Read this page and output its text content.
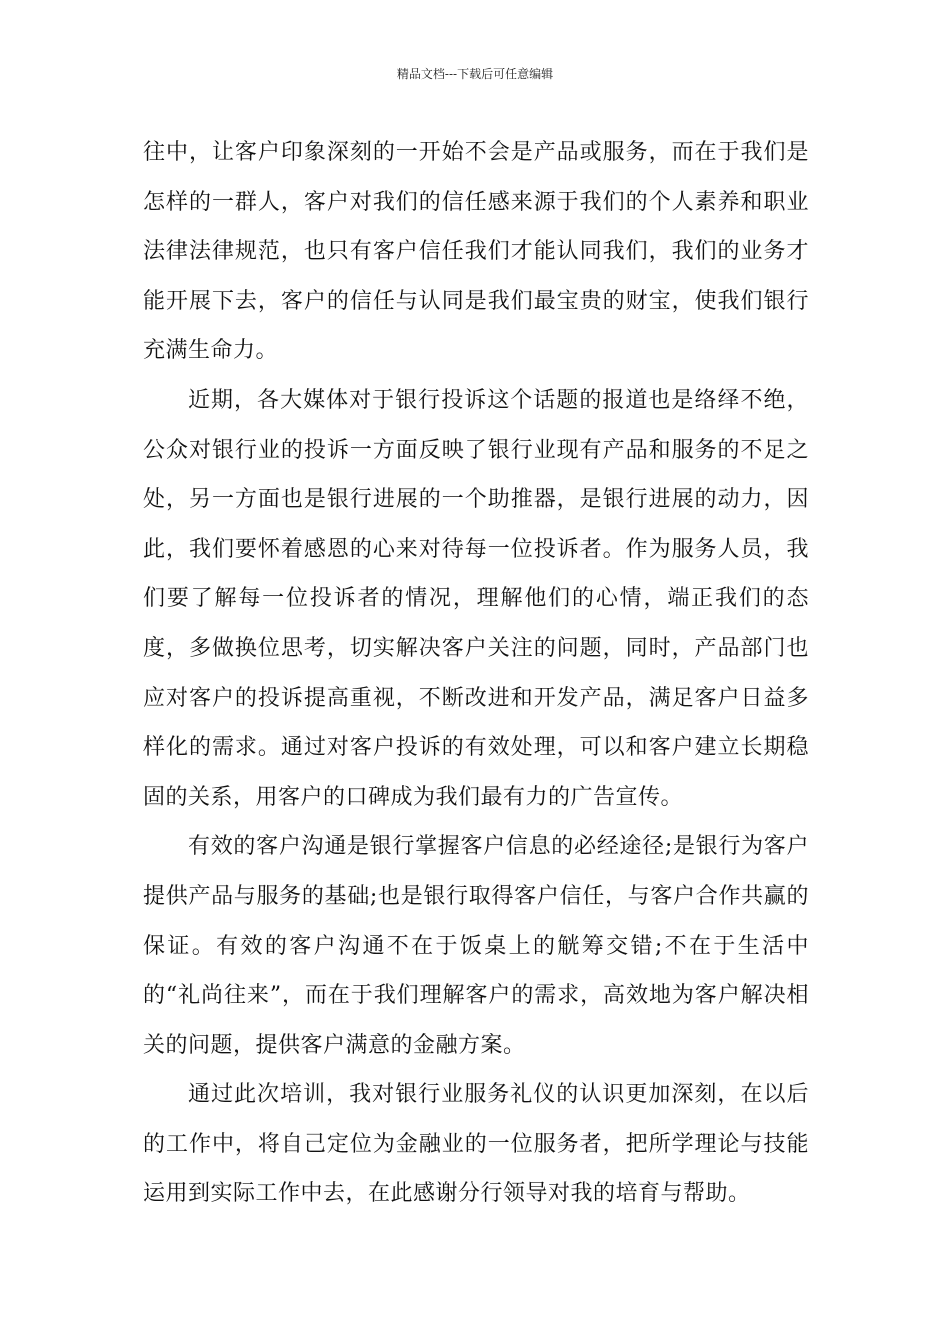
精品文档---下载后可任意编辑

往中，让客户印象深刻的一开始不会是产品或服务，而在于我们是怎样的一群人，客户对我们的信任感来源于我们的个人素养和职业法律法律规范，也只有客户信任我们才能认同我们，我们的业务才能开展下去，客户的信任与认同是我们最宝贵的财宝，使我们银行充满生命力。

近期，各大媒体对于银行投诉这个话题的报道也是络绎不绝，公众对银行业的投诉一方面反映了银行业现有产品和服务的不足之处，另一方面也是银行进展的一个助推器，是银行进展的动力，因此，我们要怀着感恩的心来对待每一位投诉者。作为服务人员，我们要了解每一位投诉者的情况，理解他们的心情，端正我们的态度，多做换位思考，切实解决客户关注的问题，同时，产品部门也应对客户的投诉提高重视，不断改进和开发产品，满足客户日益多样化的需求。通过对客户投诉的有效处理，可以和客户建立长期稳固的关系，用客户的口碑成为我们最有力的广告宣传。

有效的客户沟通是银行掌握客户信息的必经途径;是银行为客户提供产品与服务的基础;也是银行取得客户信任，与客户合作共赢的保证。有效的客户沟通不在于饭桌上的觥筹交错;不在于生活中的“礼尚往来”，而在于我们理解客户的需求，高效地为客户解决相关的问题，提供客户满意的金融方案。

通过此次培训，我对银行业服务礼仪的认识更加深刻，在以后的工作中，将自己定位为金融业的一位服务者，把所学理论与技能运用到实际工作中去，在此感谢分行领导对我的培育与帮助。
